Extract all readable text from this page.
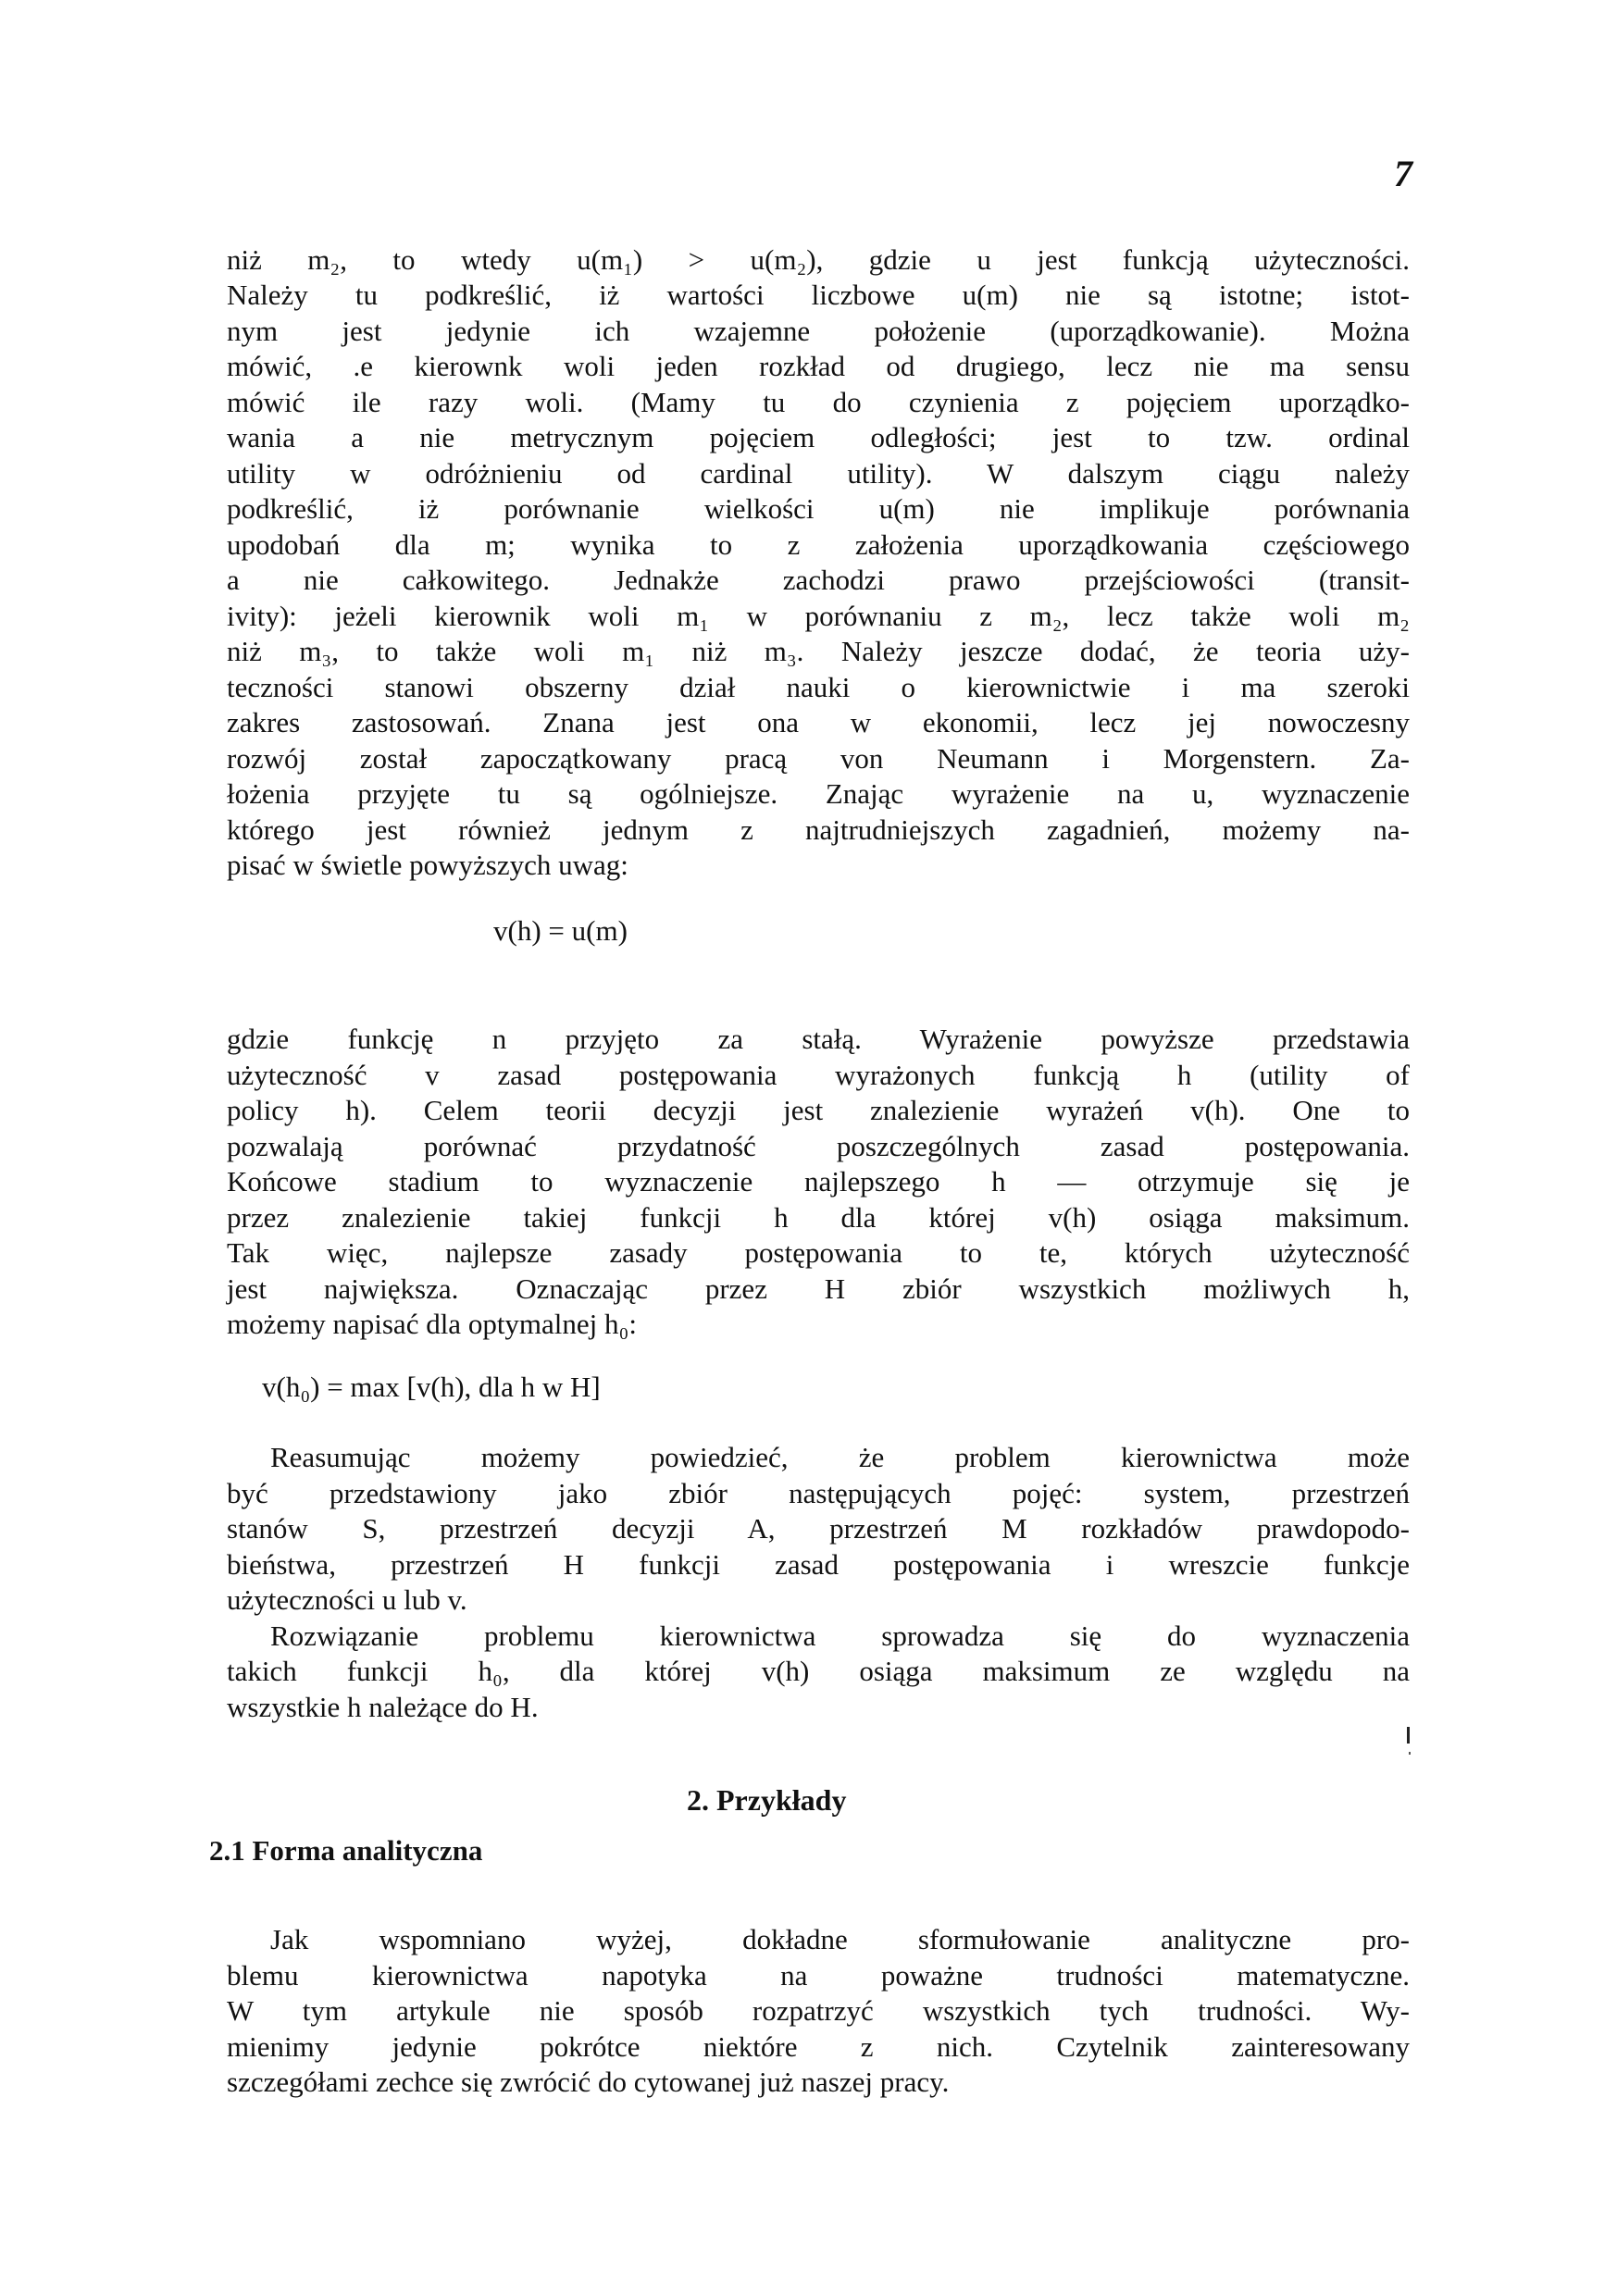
7
niż m₂, to wtedy u(m₁) > u(m₂), gdzie u jest funkcją użyteczności.
Należy tu podkreślić, iż wartości liczbowe u(m) nie są istotne; istot-
nym jest jedynie ich wzajemne położenie (uporządkowanie). Można
mówić, .e kierownk woli jeden rozkład od drugiego, lecz nie ma sensu
mówić ile razy woli. (Mamy tu do czynienia z pojęciem uporządko-
wania a nie metrycznym pojęciem odległości; jest to tzw. ordinal
utility w odróżnieniu od cardinal utility). W dalszym ciągu należy
podkreślić, iż porównanie wielkości u(m) nie implikuje porównania
upodobań dla m; wynika to z założenia uporządkowania częściowego
a nie całkowitego. Jednakże zachodzi prawo przejściowości (transit-
ivity): jeżeli kierownik woli m₁ w porównaniu z m₂, lecz także woli m₂
niż m₃, to także woli m₁ niż m₃. Należy jeszcze dodać, że teoria uży-
teczności stanowi obszerny dział nauki o kierownictwie i ma szeroki
zakres zastosowań. Znana jest ona w ekonomii, lecz jej nowoczesny
rozwój został zapoczątkowany pracą von Neumann i Morgenstern. Za-
łożenia przyjęte tu są ogólniejsze. Znając wyrażenie na u, wyznaczenie
którego jest również jednym z najtrudniejszych zagadnień, możemy na-
pisać w świetle powyższych uwag:
v(h) = u(m)
gdzie funkcję n przyjęto za stałą. Wyrażenie powyższe przedstawia
użyteczność v zasad postępowania wyrażonych funkcją h (utility of
policy h). Celem teorii decyzji jest znalezienie wyrażeń v(h). One to
pozwalają porównać przydatność poszczególnych zasad postępowania.
Końcowe stadium to wyznaczenie najlepszego h — otrzymuje się je
przez znalezienie takiej funkcji h dla której v(h) osiąga maksimum.
Tak więc, najlepsze zasady postępowania to te, których użyteczność
jest największa. Oznaczając przez H zbiór wszystkich możliwych h,
możemy napisać dla optymalnej h₀:
v(h₀) = max [v(h), dla h w H]
Reasumując możemy powiedzieć, że problem kierownictwa może
być przedstawiony jako zbiór następujących pojęć: system, przestrzeń
stanów S, przestrzeń decyzji A, przestrzeń M rozkładów prawdopodo-
bieństwa, przestrzeń H funkcji zasad postępowania i wreszcie funkcje
użyteczności u lub v.
Rozwiązanie problemu kierownictwa sprowadza się do wyznaczenia
takich funkcji h₀, dla której v(h) osiąga maksimum ze względu na
wszystkie h należące do H.
2. Przykłady
2.1 Forma analityczna
Jak wspomniano wyżej, dokładne sformułowanie analityczne pro-
blemu kierownictwa napotyka na poważne trudności matematyczne.
W tym artykule nie sposób rozpatrzyć wszystkich tych trudności. Wy-
mienimy jedynie pokrótce niektóre z nich. Czytelnik zainteresowany
szczegółami zechce się zwrócić do cytowanej już naszej pracy.
